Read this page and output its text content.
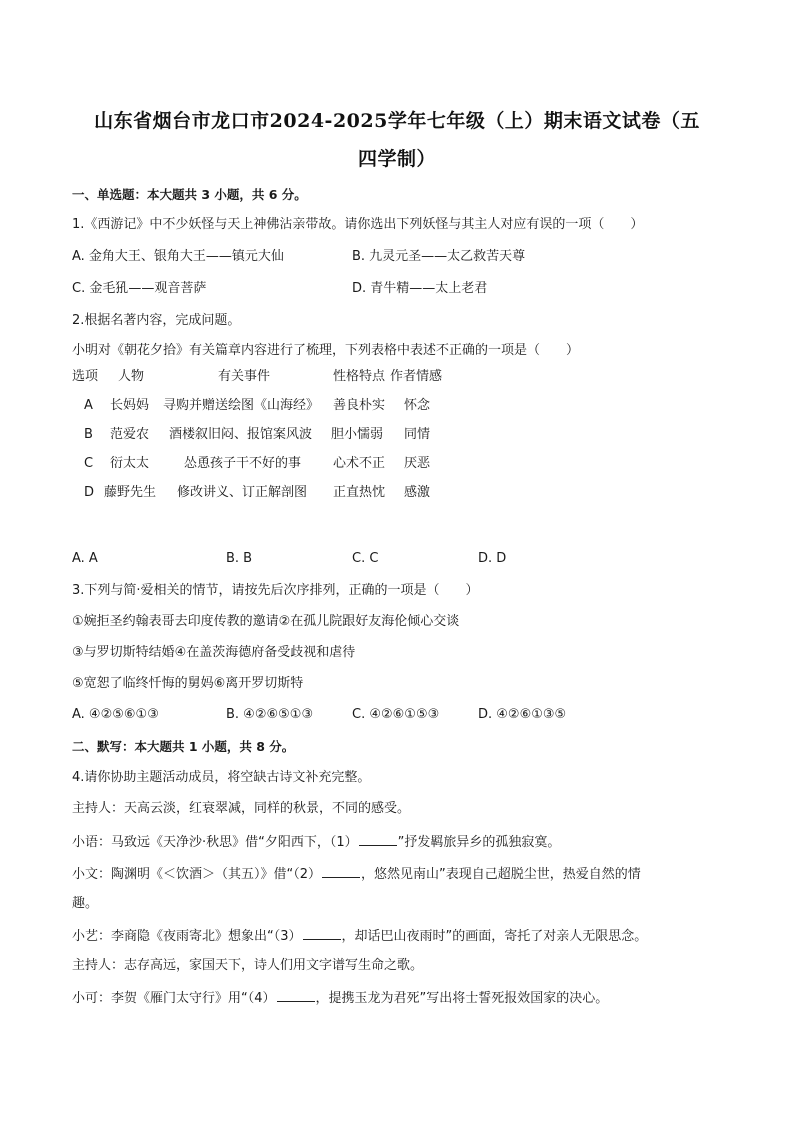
山东省烟台市龙口市2024-2025学年七年级（上）期末语文试卷（五
四学制）
一、单选题：本大题共 3 小题，共 6 分。
1.《西游记》中不少妖怪与天上神佛沾亲带故。请你选出下列妖怪与其主人对应有误的一项（　　）
A. 金角大王、银角大王——镇元大仙	B. 九灵元圣——太乙救苦天尊
C. 金毛犼——观音菩萨	D. 青牛精——太上老君
2.根据名著内容，完成问题。
小明对《朝花夕拾》有关篇章内容进行了梳理，下列表格中表述不正确的一项是（　　）
选项 人物	有关事件	性格特点 作者情感
A 长妈妈 寻购并赠送绘图《山海经》 善良朴实 怀念
B 范爱农 酒楼叙旧闷、报馆案风波 胆小懦弱 同情
C 衍太太	怂恿孩子干不好的事 心术不正 厌恶
D 藤野先生 修改讲义、订正解剖图 正直热忱 感激
A. A	B. B	C. C	D. D
3.下列与简·爱相关的情节，请按先后次序排列，正确的一项是（　　）
①婉拒圣约翰表哥去印度传教的邀请②在孤儿院跟好友海伦倾心交谈
③与罗切斯特结婚④在盖茨海德府备受歧视和虐待
⑤宽恕了临终忏悔的舅妈⑥离开罗切斯特
A. ④②⑤⑥①③	B. ④②⑥⑤①③	C. ④②⑥①⑤③	D. ④②⑥①③⑤
二、默写：本大题共 1 小题，共 8 分。
4.请你协助主题活动成员，将空缺古诗文补充完整。
主持人：天高云淡，红衰翠减，同样的秋景，不同的感受。
小语：马致远《天净沙·秋思》借“夕阳西下，（1）	”抒发羁旅异乡的孤独寂寞。
小文：陶渊明《＜饮酒＞（其五）》借“（2）	，悠然见南山”表现自己超脱尘世，热爱自然的情
趣。
小艺：李商隐《夜雨寄北》想象出“（3）	，却话巴山夜雨时”的画面，寄托了对亲人无限思念。
主持人：志存高远，家国天下，诗人们用文字谱写生命之歌。
小可：李贺《雁门太守行》用“（4）	，提携玉龙为君死”写出将士誓死报效国家的决心。
